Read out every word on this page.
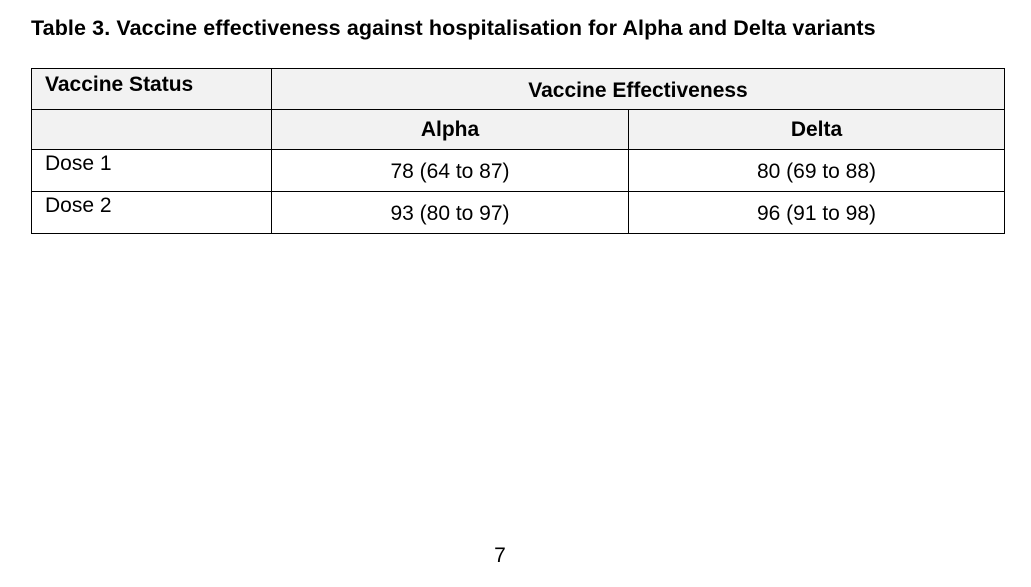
Table 3. Vaccine effectiveness against hospitalisation for Alpha and Delta variants
Vaccine Status	Vaccine Effectiveness	
	Alpha	Delta
Dose 1	78 (64 to 87)	80 (69 to 88)
Dose 2	93 (80 to 97)	96 (91 to 98)
7
